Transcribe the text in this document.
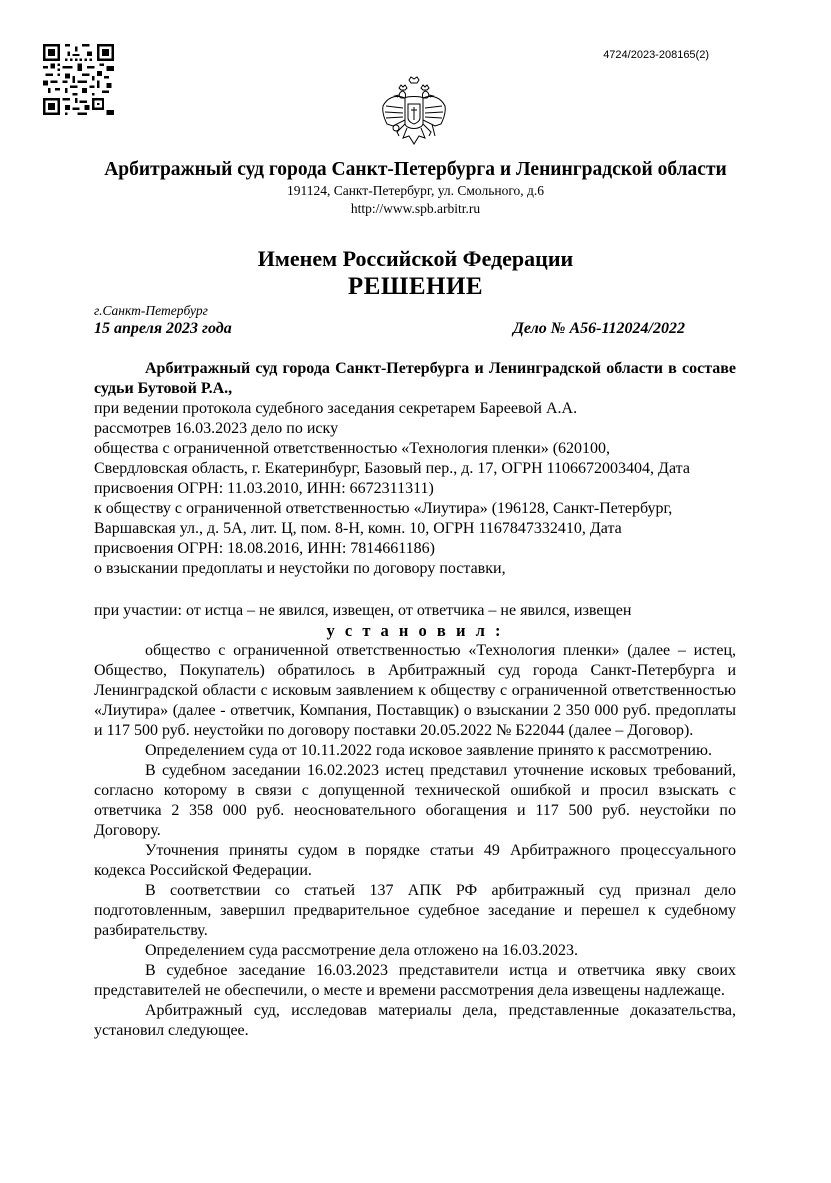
4724/2023-208165(2)
Арбитражный суд города Санкт-Петербурга и Ленинградской области
191124, Санкт-Петербург, ул. Смольного, д.6
http://www.spb.arbitr.ru
Именем Российской Федерации
РЕШЕНИЕ
г.Санкт-Петербург
15 апреля 2023 года	Дело № А56-112024/2022

Арбитражный суд города Санкт-Петербурга и Ленинградской области в составе судьи Бутовой Р.А.,

при ведении протокола судебного заседания секретарем Бареевой А.А.
рассмотрев 16.03.2023 дело по иску
общества с ограниченной ответственностью «Технология пленки» (620100,
Свердловская область, г. Екатеринбург, Базовый пер., д. 17, ОГРН 1106672003404, Дата
присвоения ОГРН: 11.03.2010, ИНН: 6672311311)
к обществу с ограниченной ответственностью «Лиутира» (196128, Санкт-Петербург,
Варшавская ул., д. 5А, лит. Ц, пом. 8-Н, комн. 10, ОГРН 1167847332410, Дата
присвоения ОГРН: 18.08.2016, ИНН: 7814661186)
о взыскании предоплаты и неустойки по договору поставки,
при участии: от истца – не явился, извещен, от ответчика – не явился, извещен
у с т а н о в и л :

общество с ограниченной ответственностью «Технология пленки» (далее – истец, Общество, Покупатель) обратилось в Арбитражный суд города Санкт-Петербурга и Ленинградской области с исковым заявлением к обществу с ограниченной ответственностью «Лиутира» (далее - ответчик, Компания, Поставщик) о взыскании 2 350 000 руб. предоплаты и 117 500 руб. неустойки по договору поставки 20.05.2022 № Б22044 (далее – Договор).

Определением суда от 10.11.2022 года исковое заявление принято к рассмотрению.

В судебном заседании 16.02.2023 истец представил уточнение исковых требований, согласно которому в связи с допущенной технической ошибкой и просил взыскать с ответчика 2 358 000 руб. неосновательного обогащения и 117 500 руб. неустойки по Договору.

Уточнения приняты судом в порядке статьи 49 Арбитражного процессуального кодекса Российской Федерации.

В соответствии со статьей 137 АПК РФ арбитражный суд признал дело подготовленным, завершил предварительное судебное заседание и перешел к судебному разбирательству.

Определением суда рассмотрение дела отложено на 16.03.2023.

В судебное заседание 16.03.2023 представители истца и ответчика явку своих представителей не обеспечили, о месте и времени рассмотрения дела извещены надлежаще.

Арбитражный суд, исследовав материалы дела, представленные доказательства, установил следующее.
